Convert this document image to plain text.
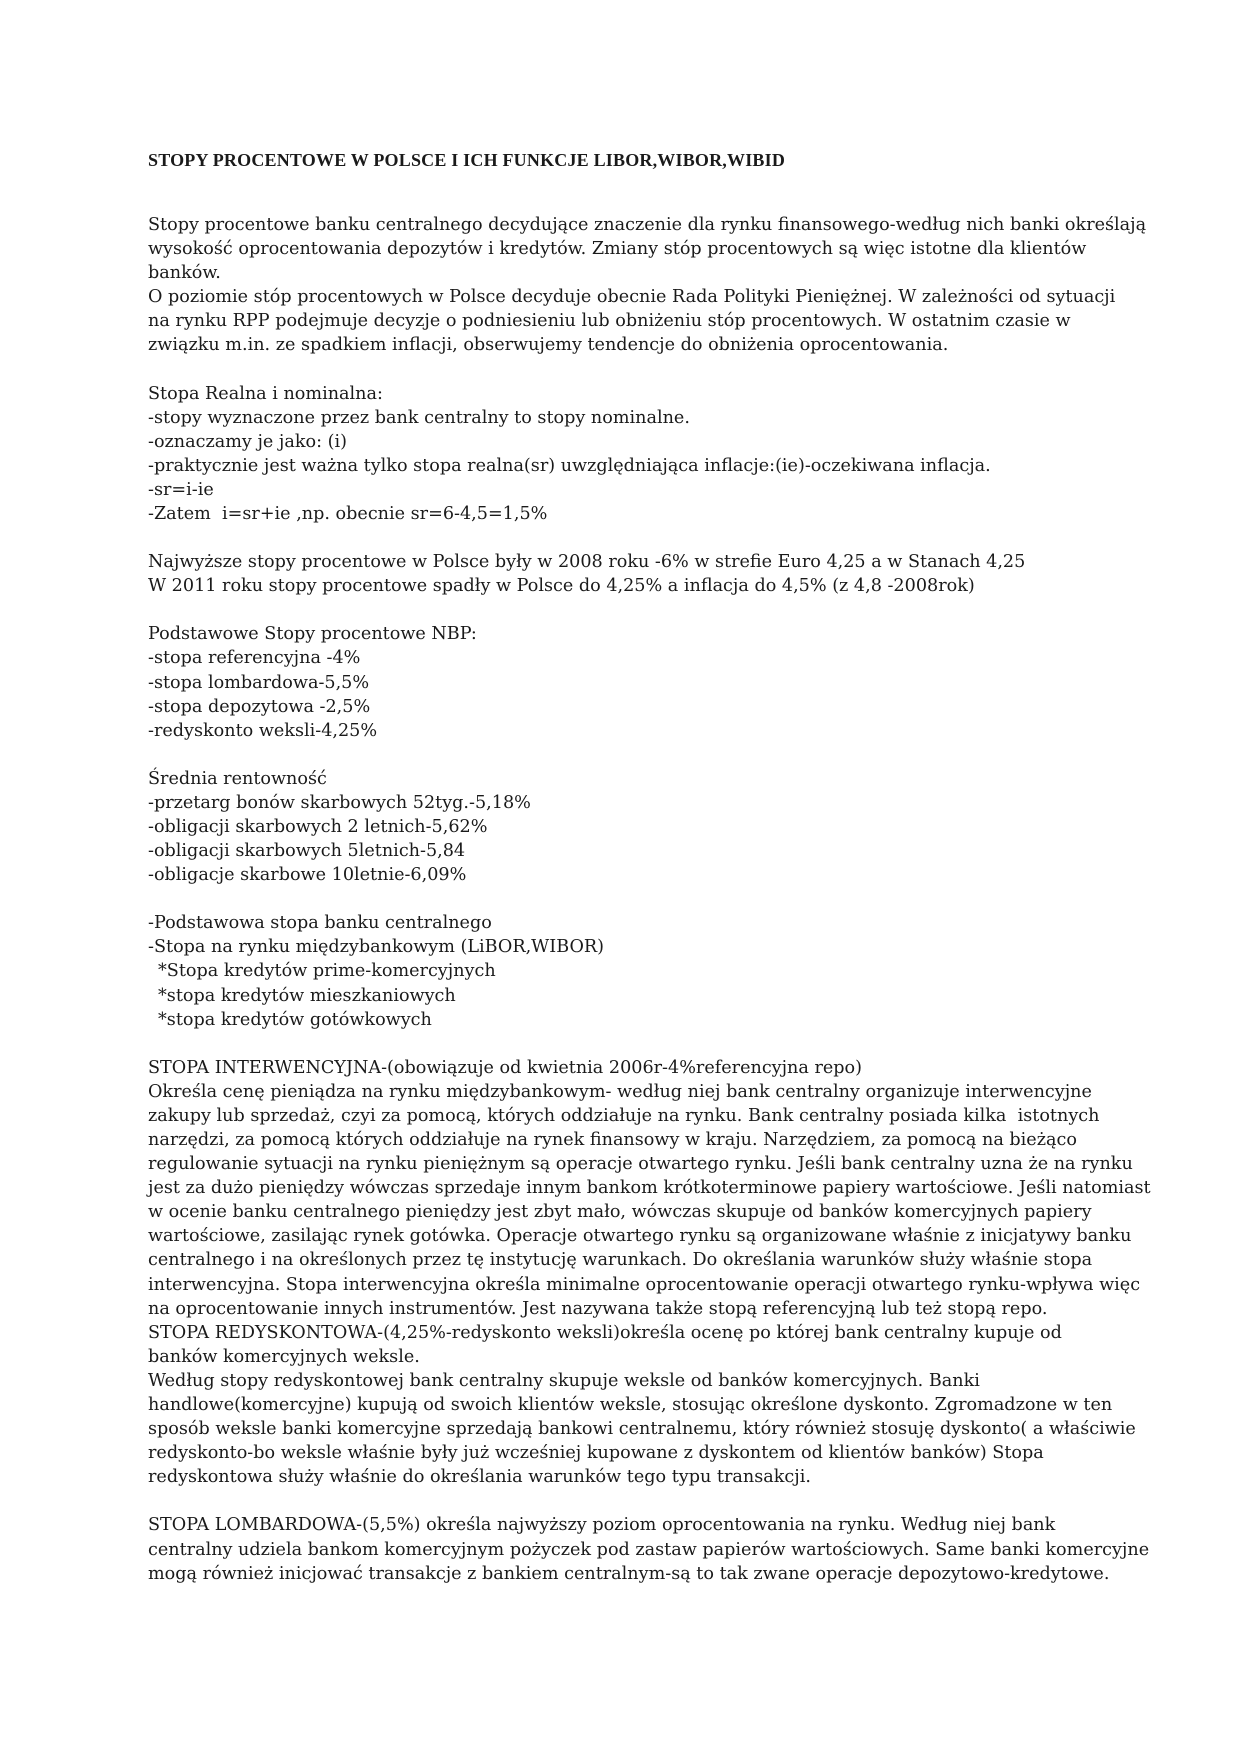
STOPY PROCENTOWE W POLSCE I ICH FUNKCJE LIBOR,WIBOR,WIBID
Stopy procentowe banku centralnego decydujące znaczenie dla rynku finansowego-według nich banki określają
wysokość oprocentowania depozytów i kredytów. Zmiany stóp procentowych są więc istotne dla klientów
banków.
O poziomie stóp procentowych w Polsce decyduje obecnie Rada Polityki Pieniężnej. W zależności od sytuacji
na rynku RPP podejmuje decyzje o podniesieniu lub obniżeniu stóp procentowych. W ostatnim czasie w
związku m.in. ze spadkiem inflacji, obserwujemy tendencje do obniżenia oprocentowania.
Stopa Realna i nominalna:
-stopy wyznaczone przez bank centralny to stopy nominalne.
-oznaczamy je jako: (i)
-praktycznie jest ważna tylko stopa realna(sr) uwzględniająca inflacje:(ie)-oczekiwana inflacja.
-sr=i-ie
-Zatem  i=sr+ie ,np. obecnie sr=6-4,5=1,5%
Najwyższe stopy procentowe w Polsce były w 2008 roku -6% w strefie Euro 4,25 a w Stanach 4,25
W 2011 roku stopy procentowe spadły w Polsce do 4,25% a inflacja do 4,5% (z 4,8 -2008rok)
Podstawowe Stopy procentowe NBP:
-stopa referencyjna -4%
-stopa lombardowa-5,5%
-stopa depozytowa -2,5%
-redyskonto weksli-4,25%
Średnia rentowność
-przetarg bonów skarbowych 52tyg.-5,18%
-obligacji skarbowych 2 letnich-5,62%
-obligacji skarbowych 5letnich-5,84
-obligacje skarbowe 10letnie-6,09%
-Podstawowa stopa banku centralnego
-Stopa na rynku międzybankowym (LiBOR,WIBOR)
*Stopa kredytów prime-komercyjnych
*stopa kredytów mieszkaniowych
*stopa kredytów gotówkowych
STOPA INTERWENCYJNA-(obowiązuje od kwietnia 2006r-4%referencyjna repo)
Określa cenę pieniądza na rynku międzybankowym- według niej bank centralny organizuje interwencyjne
zakupy lub sprzedaż, czyi za pomocą, których oddziałuje na rynku. Bank centralny posiada kilka  istotnych
narzędzi, za pomocą których oddziałuje na rynek finansowy w kraju. Narzędziem, za pomocą na bieżąco
regulowanie sytuacji na rynku pieniężnym są operacje otwartego rynku. Jeśli bank centralny uzna że na rynku
jest za dużo pieniędzy wówczas sprzedaje innym bankom krótkoterminowe papiery wartościowe. Jeśli natomiast
w ocenie banku centralnego pieniędzy jest zbyt mało, wówczas skupuje od banków komercyjnych papiery
wartościowe, zasilając rynek gotówka. Operacje otwartego rynku są organizowane właśnie z inicjatywy banku
centralnego i na określonych przez tę instytucję warunkach. Do określania warunków służy właśnie stopa
interwencyjna. Stopa interwencyjna określa minimalne oprocentowanie operacji otwartego rynku-wpływa więc
na oprocentowanie innych instrumentów. Jest nazywana także stopą referencyjną lub też stopą repo.
STOPA REDYSKONTOWA-(4,25%-redyskonto weksli)określa ocenę po której bank centralny kupuje od
banków komercyjnych weksle.
Według stopy redyskontowej bank centralny skupuje weksle od banków komercyjnych. Banki
handlowe(komercyjne) kupują od swoich klientów weksle, stosując określone dyskonto. Zgromadzone w ten
sposób weksle banki komercyjne sprzedają bankowi centralnemu, który również stosuję dyskonto( a właściwie
redyskonto-bo weksle właśnie były już wcześniej kupowane z dyskontem od klientów banków) Stopa
redyskontowa służy właśnie do określania warunków tego typu transakcji.
STOPA LOMBARDOWA-(5,5%) określa najwyższy poziom oprocentowania na rynku. Według niej bank
centralny udziela bankom komercyjnym pożyczek pod zastaw papierów wartościowych. Same banki komercyjne
mogą również inicjować transakcje z bankiem centralnym-są to tak zwane operacje depozytowo-kredytowe.
